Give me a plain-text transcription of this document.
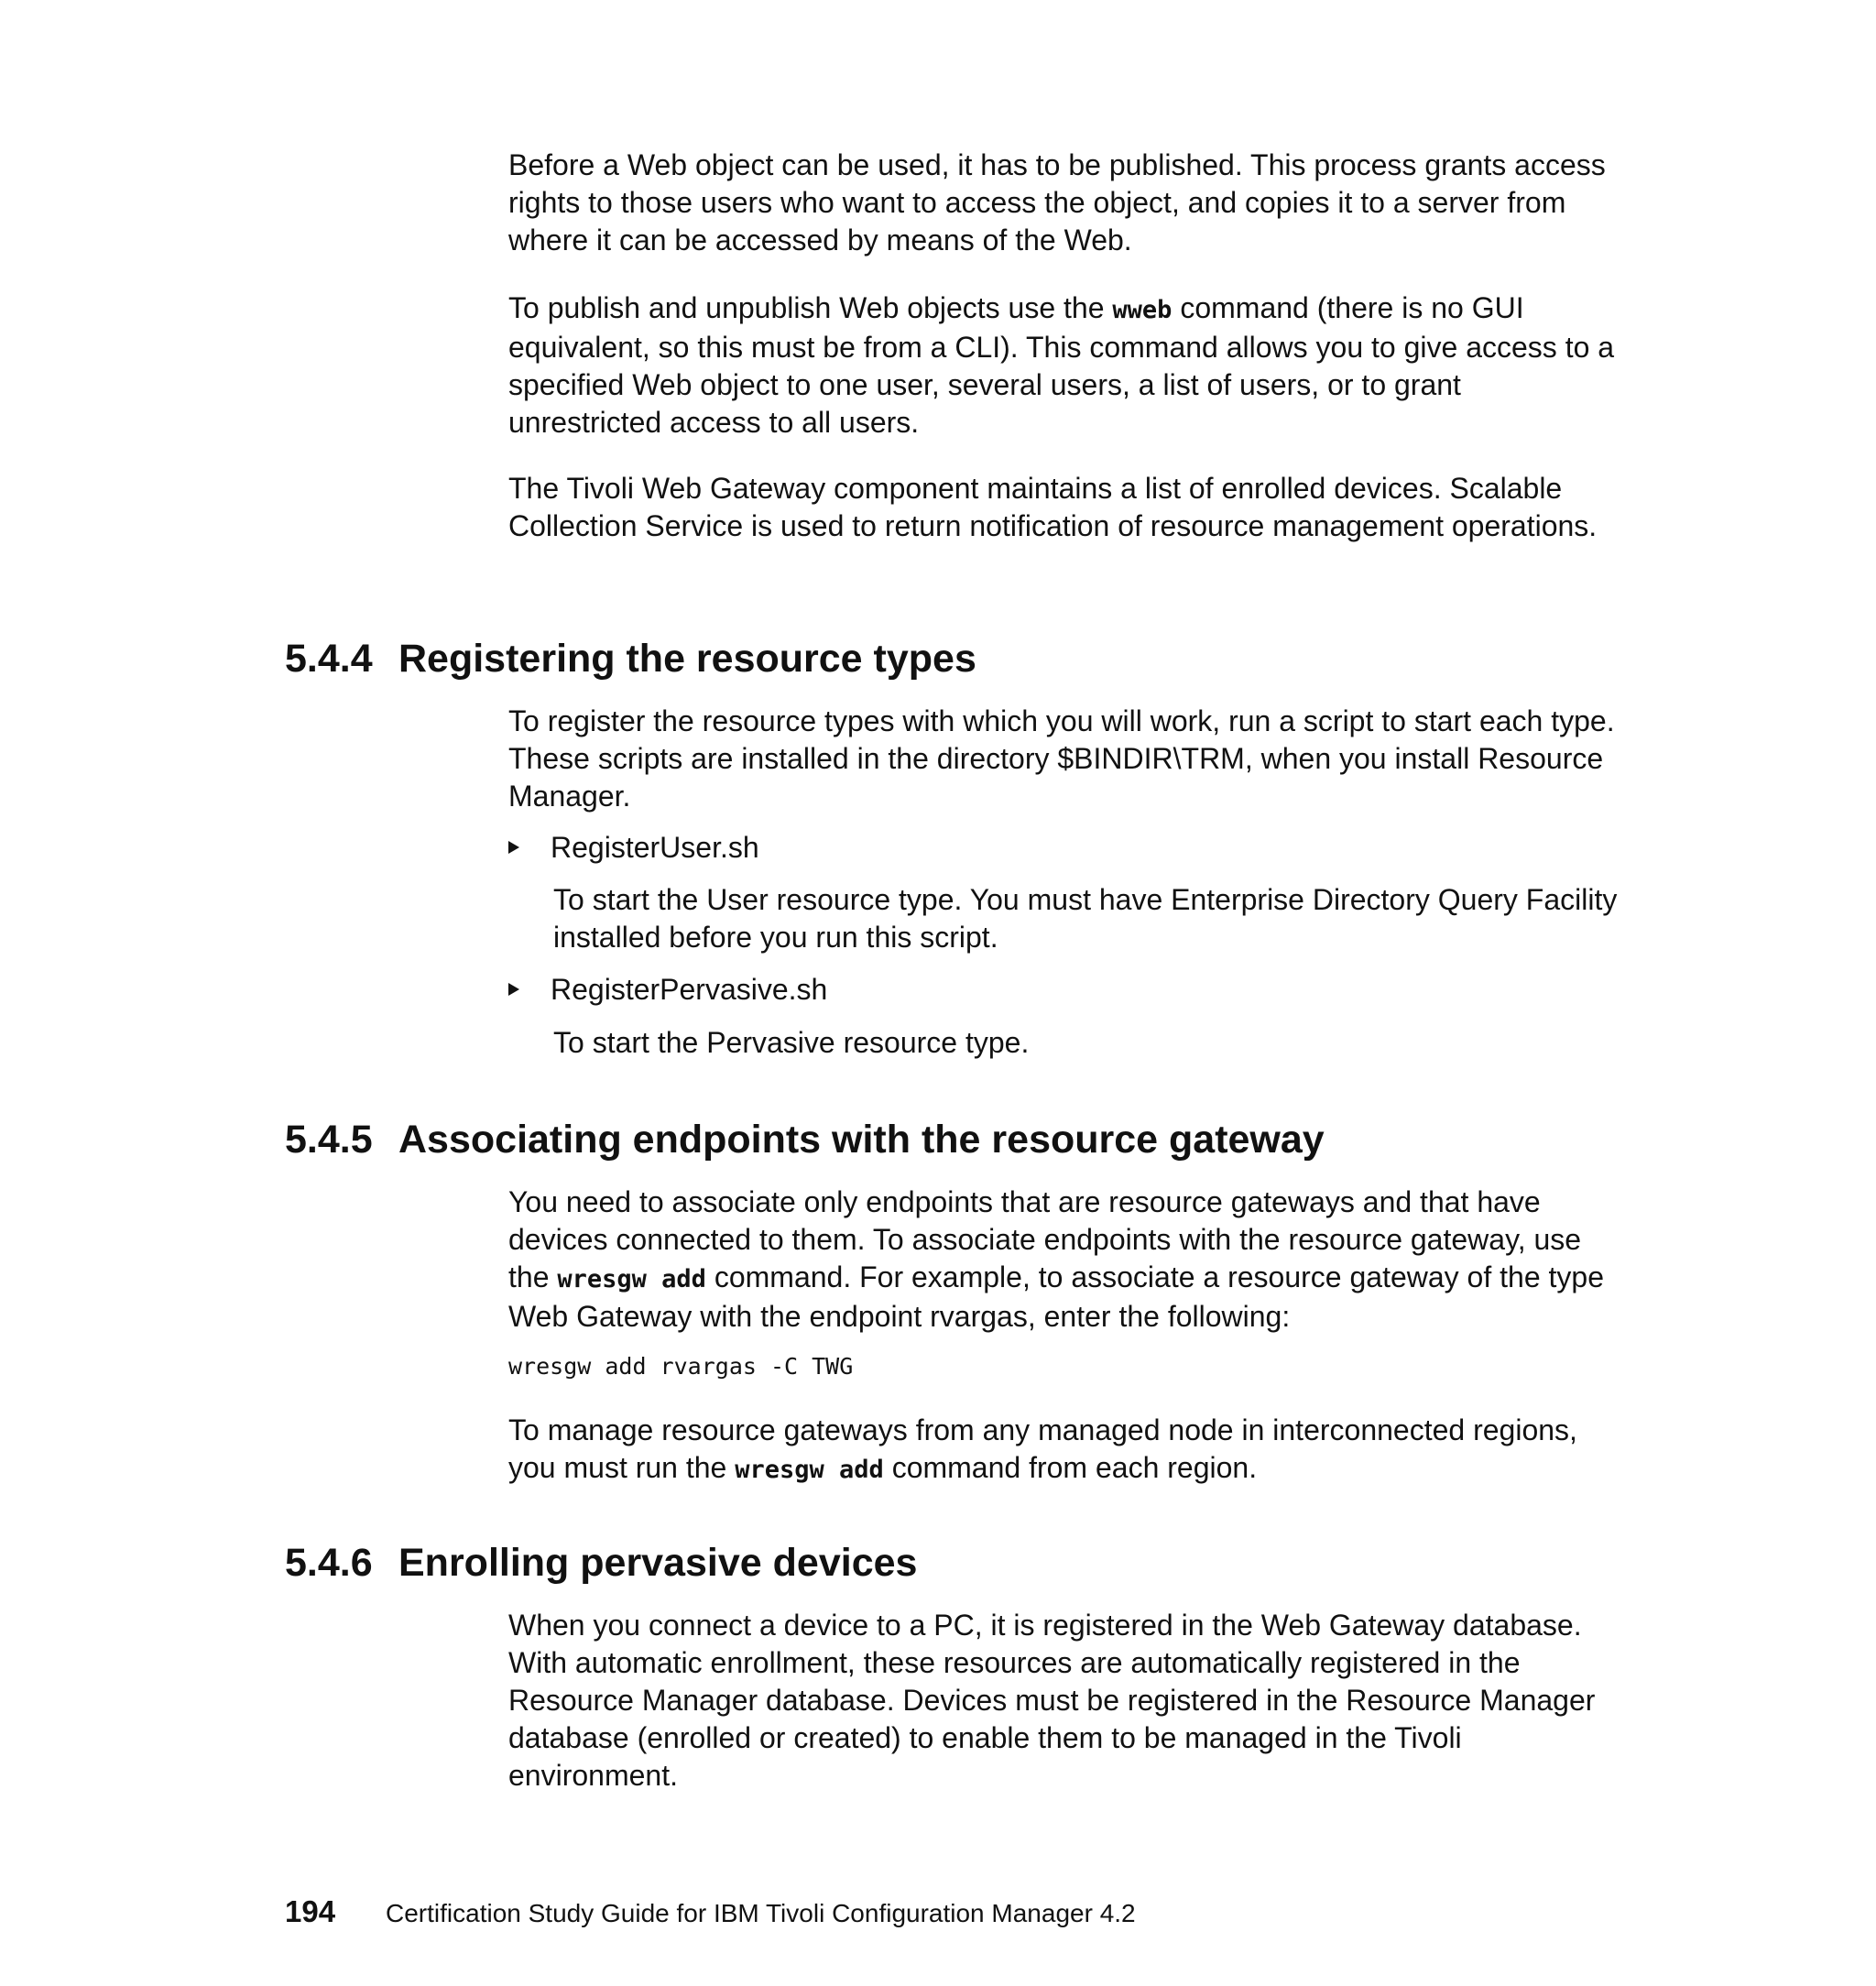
Before a Web object can be used, it has to be published. This process grants access rights to those users who want to access the object, and copies it to a server from where it can be accessed by means of the Web.

To publish and unpublish Web objects use the wweb command (there is no GUI equivalent, so this must be from a CLI). This command allows you to give access to a specified Web object to one user, several users, a list of users, or to grant unrestricted access to all users.

The Tivoli Web Gateway component maintains a list of enrolled devices. Scalable Collection Service is used to return notification of resource management operations.

5.4.4 Registering the resource types

To register the resource types with which you will work, run a script to start each type. These scripts are installed in the directory $BINDIR\TRM, when you install Resource Manager.

RegisterUser.sh

To start the User resource type. You must have Enterprise Directory Query Facility installed before you run this script.

RegisterPervasive.sh

To start the Pervasive resource type.

5.4.5 Associating endpoints with the resource gateway

You need to associate only endpoints that are resource gateways and that have devices connected to them. To associate endpoints with the resource gateway, use the wresgw add command. For example, to associate a resource gateway of the type Web Gateway with the endpoint rvargas, enter the following:

wresgw add rvargas -C TWG

To manage resource gateways from any managed node in interconnected regions, you must run the wresgw add command from each region.

5.4.6 Enrolling pervasive devices

When you connect a device to a PC, it is registered in the Web Gateway database. With automatic enrollment, these resources are automatically registered in the Resource Manager database. Devices must be registered in the Resource Manager database (enrolled or created) to enable them to be managed in the Tivoli environment.

194 Certification Study Guide for IBM Tivoli Configuration Manager 4.2
